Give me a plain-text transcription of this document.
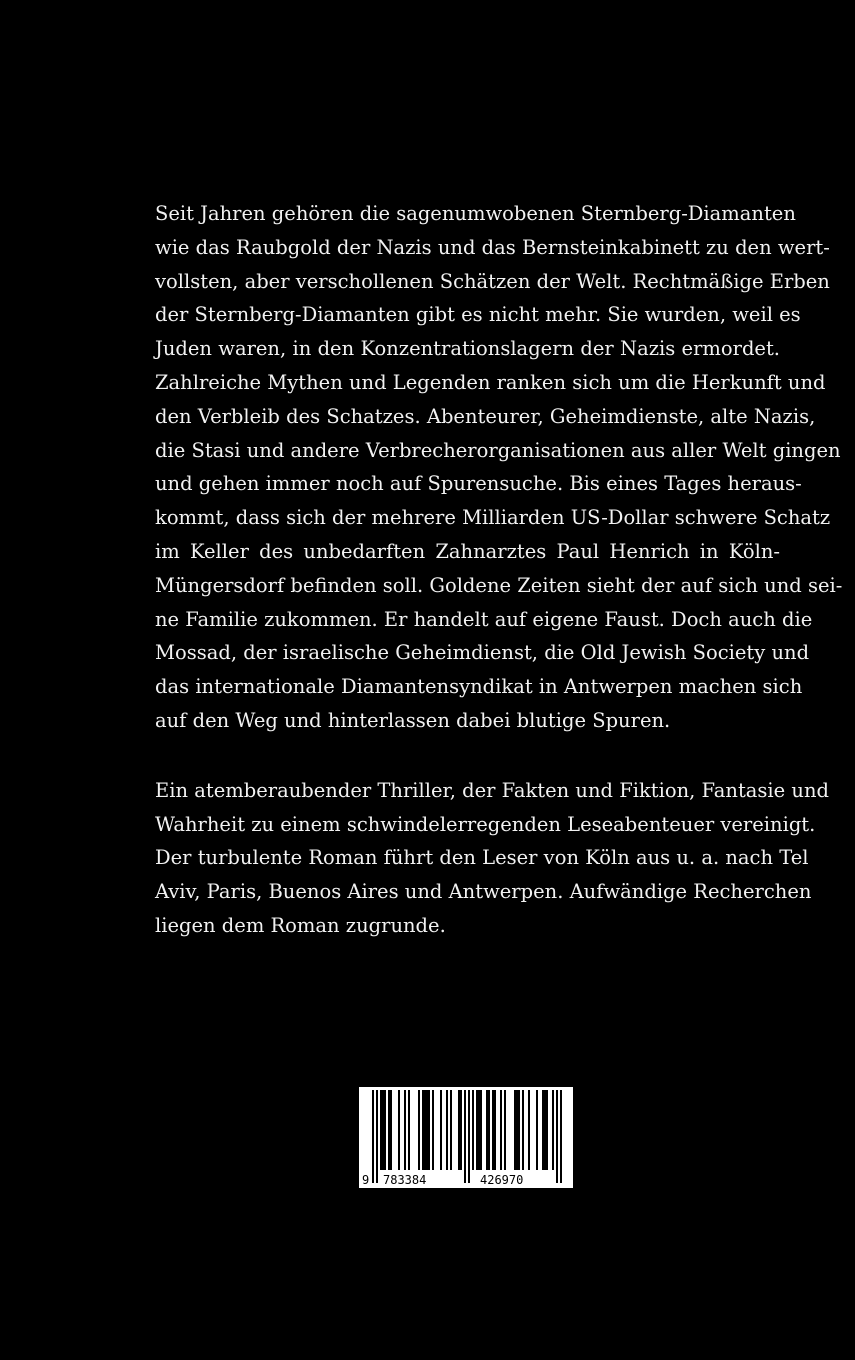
Seit Jahren gehören die sagenumwobenen Sternberg-Diamanten
wie das Raubgold der Nazis und das Bernsteinkabinett zu den wert-
vollsten, aber verschollenen Schätzen der Welt. Rechtmäßige Erben
der Sternberg-Diamanten gibt es nicht mehr. Sie wurden, weil es
Juden waren, in den Konzentrationslagern der Nazis ermordet.
Zahlreiche Mythen und Legenden ranken sich um die Herkunft und
den Verbleib des Schatzes. Abenteurer, Geheimdienste, alte Nazis,
die Stasi und andere Verbrecherorganisationen aus aller Welt gingen
und gehen immer noch auf Spurensuche. Bis eines Tages heraus-
kommt, dass sich der mehrere Milliarden US-Dollar schwere Schatz
im Keller des unbedarften Zahnarztes Paul Henrich in Köln-
Müngersdorf befinden soll. Goldene Zeiten sieht der auf sich und sei-
ne Familie zukommen. Er handelt auf eigene Faust. Doch auch die
Mossad, der israelische Geheimdienst, die Old Jewish Society und
das internationale Diamantensyndikat in Antwerpen machen sich
auf den Weg und hinterlassen dabei blutige Spuren.
Ein atemberaubender Thriller, der Fakten und Fiktion, Fantasie und
Wahrheit zu einem schwindelerregenden Leseabenteuer vereinigt.
Der turbulente Roman führt den Leser von Köln aus u. a. nach Tel
Aviv, Paris, Buenos Aires und Antwerpen. Aufwändige Recherchen
liegen dem Roman zugrunde.
9 783384	426970
